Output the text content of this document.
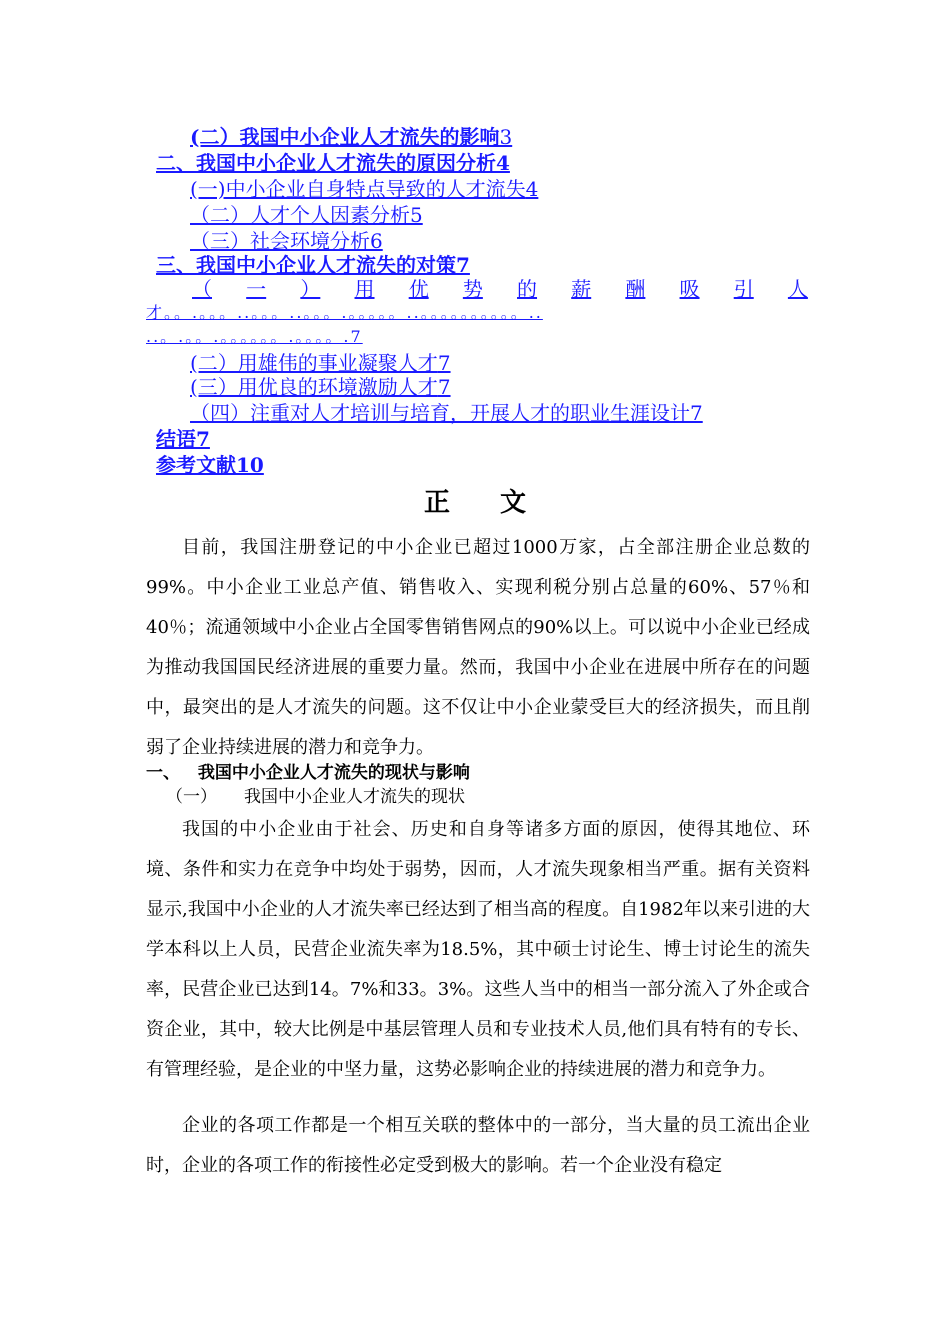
(二）我国中小企业人才流失的影响3
二、我国中小企业人才流失的原因分析4
(一)中小企业自身特点导致的人才流失4
（二）人才个人因素分析5
（三）社会环境分析6
三、我国中小企业人才流失的对策7
（ 一 ） 用 优 势 的 薪 酬 吸 引 人
才。。.。。。..。。。..。。。.。。。。。..。。。。。。。。。。..
..。.。。.。。。。。。.。。。。.7
(二）用雄伟的事业凝聚人才7
(三）用优良的环境激励人才7
（四）注重对人才培训与培育，开展人才的职业生涯设计7
结语7
参考文献10
正文

目前，我国注册登记的中小企业已超过1000万家，占全部注册企业总数的99%。中小企业工业总产值、销售收入、实现利税分别占总量的60%、57％和40％；流通领域中小企业占全国零售销售网点的90%以上。可以说中小企业已经成为推动我国国民经济进展的重要力量。然而，我国中小企业在进展中所存在的问题中，最突出的是人才流失的问题。这不仅让中小企业蒙受巨大的经济损失，而且削弱了企业持续进展的潜力和竞争力。

一、 我国中小企业人才流失的现状与影响
（一） 我国中小企业人才流失的现状

我国的中小企业由于社会、历史和自身等诸多方面的原因，使得其地位、环境、条件和实力在竞争中均处于弱势，因而，人才流失现象相当严重。据有关资料显示,我国中小企业的人才流失率已经达到了相当高的程度。自1982年以来引进的大学本科以上人员，民营企业流失率为18.5%，其中硕士讨论生、博士讨论生的流失率，民营企业已达到14。7%和33。3%。这些人当中的相当一部分流入了外企或合资企业，其中，较大比例是中基层管理人员和专业技术人员,他们具有特有的专长、有管理经验，是企业的中坚力量，这势必影响企业的持续进展的潜力和竞争力。

企业的各项工作都是一个相互关联的整体中的一部分，当大量的员工流出企业时，企业的各项工作的衔接性必定受到极大的影响。若一个企业没有稳定
